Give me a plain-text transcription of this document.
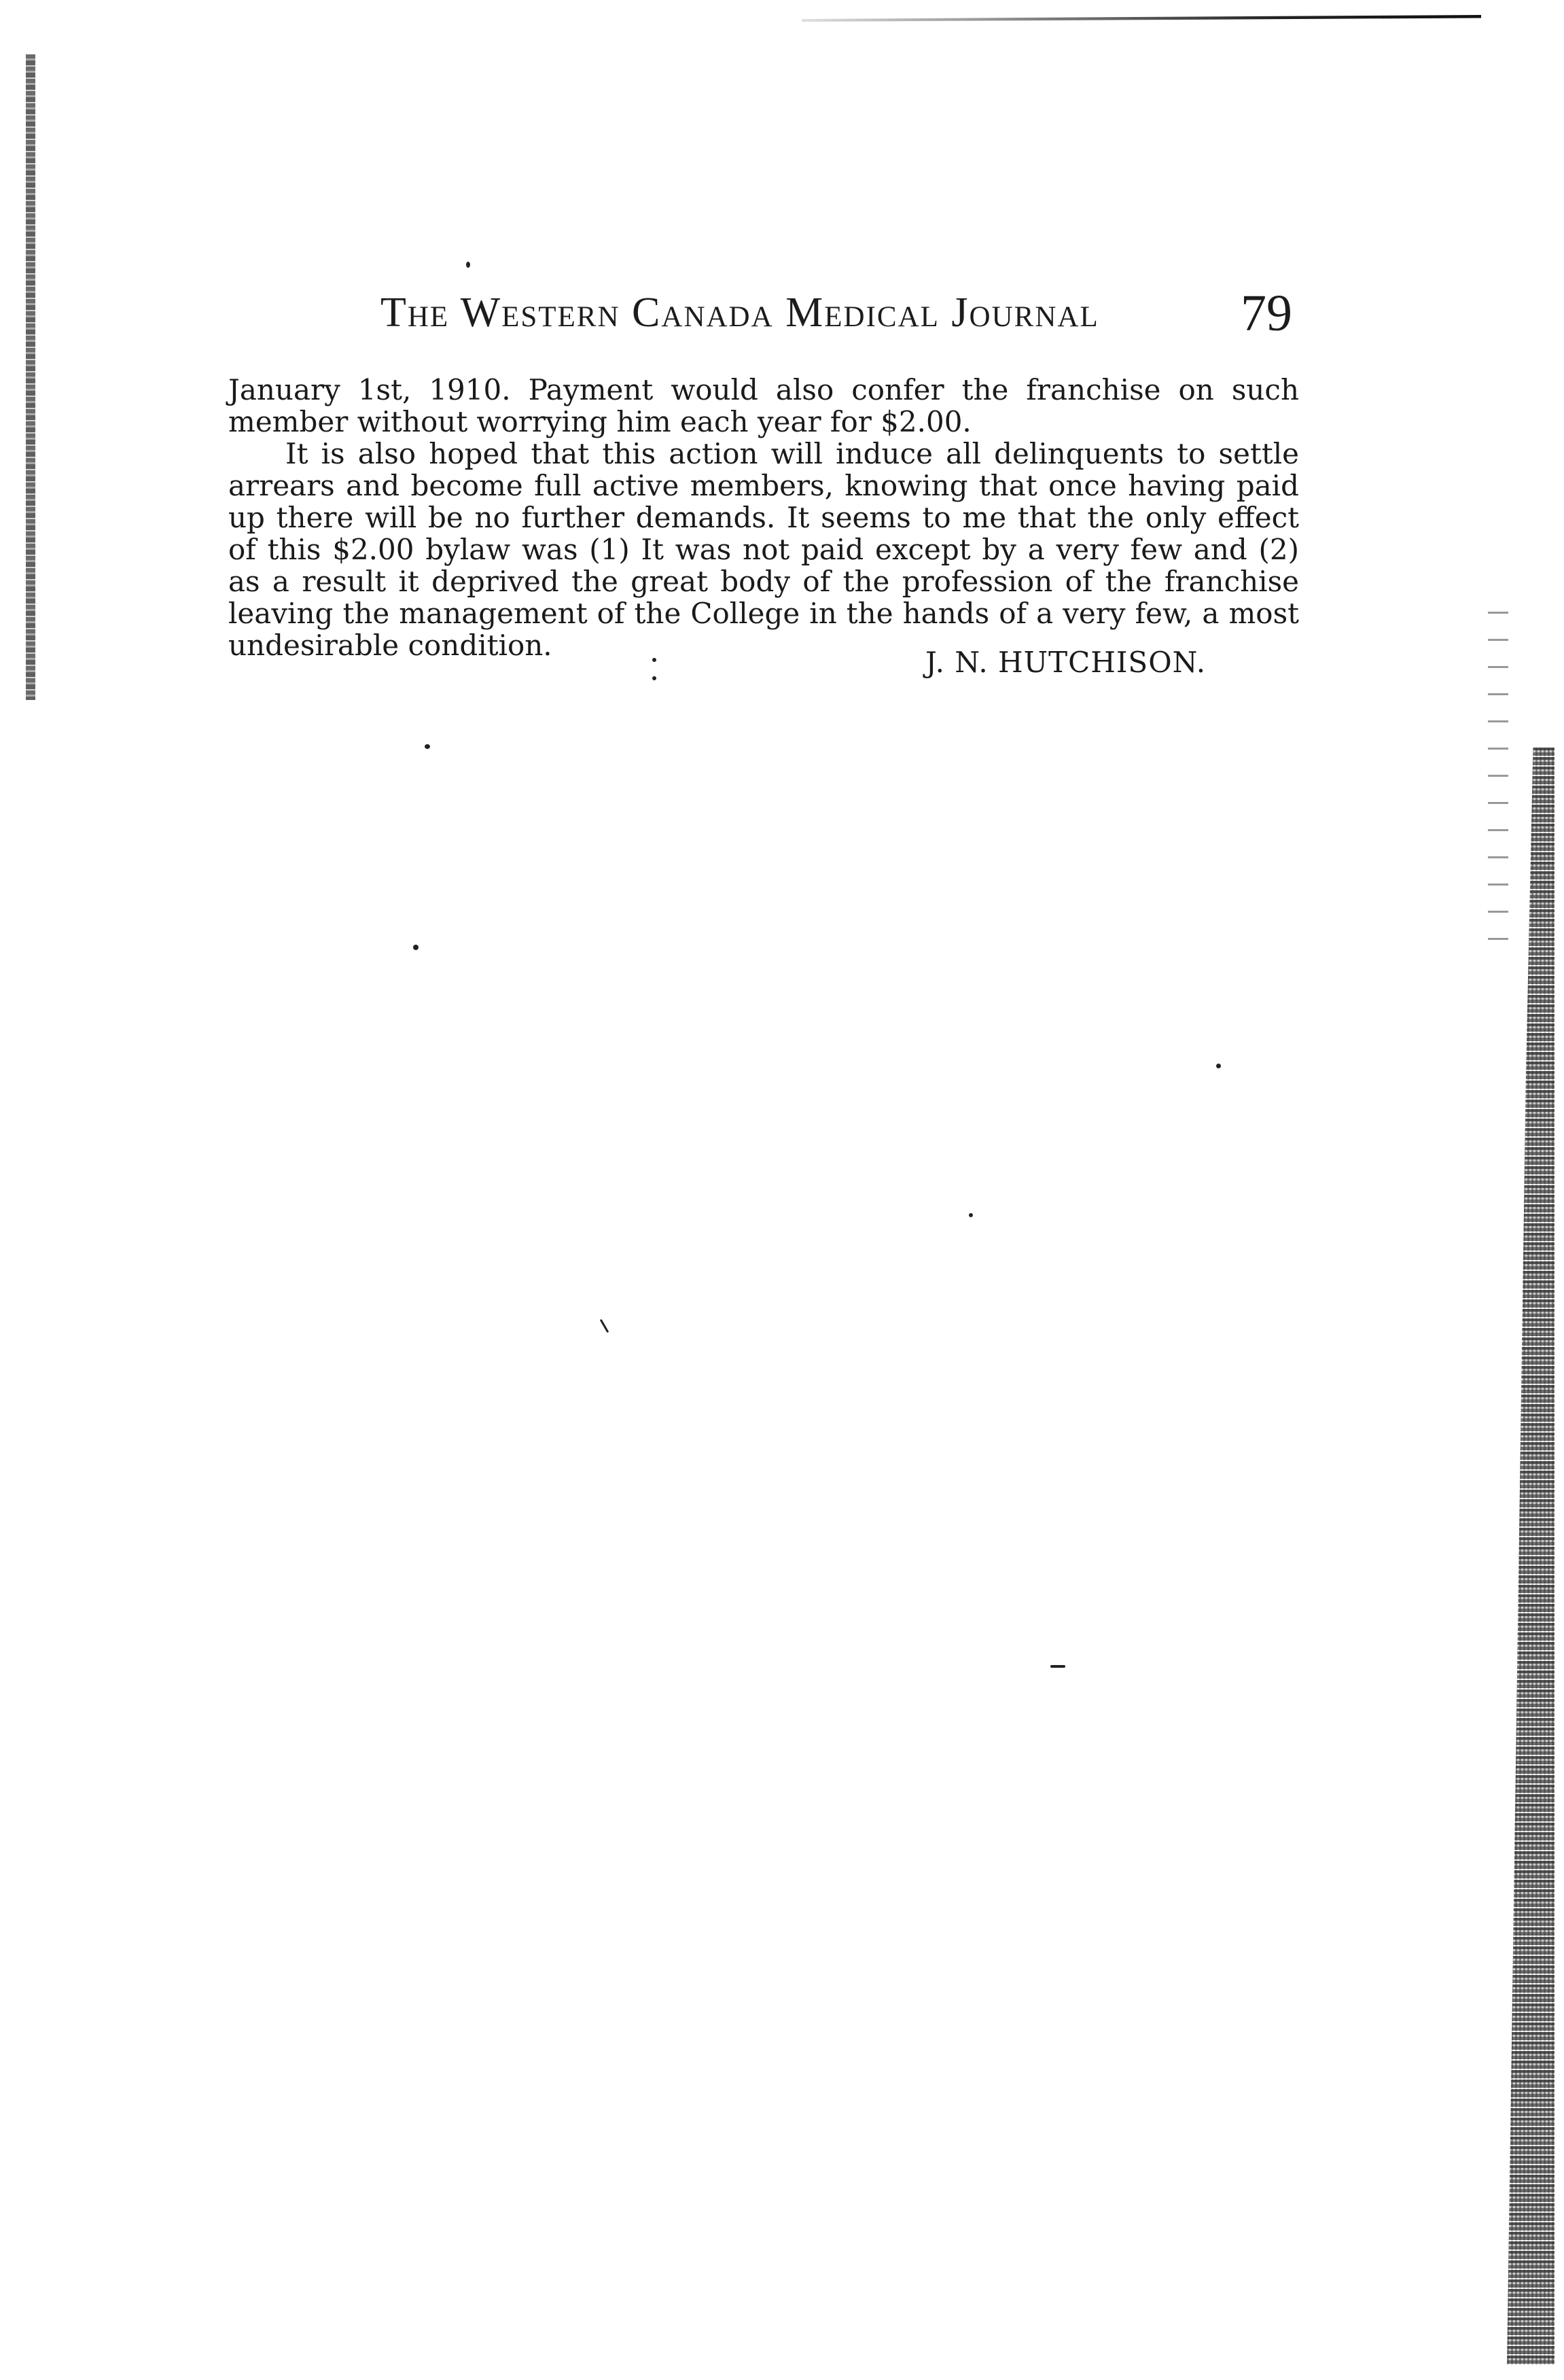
The Western Canada Medical Journal	79

January 1st, 1910. Payment would also confer the franchise on such member without worrying him each year for $2.00.

It is also hoped that this action will induce all delinquents to settle arrears and become full active members, knowing that once having paid up there will be no further demands. It seems to me that the only effect of this $2.00 bylaw was (1) It was not paid except by a very few and (2) as a result it deprived the great body of the profession of the franchise leaving the management of the College in the hands of a very few, a most undesirable condition.

J. N. HUTCHISON.
